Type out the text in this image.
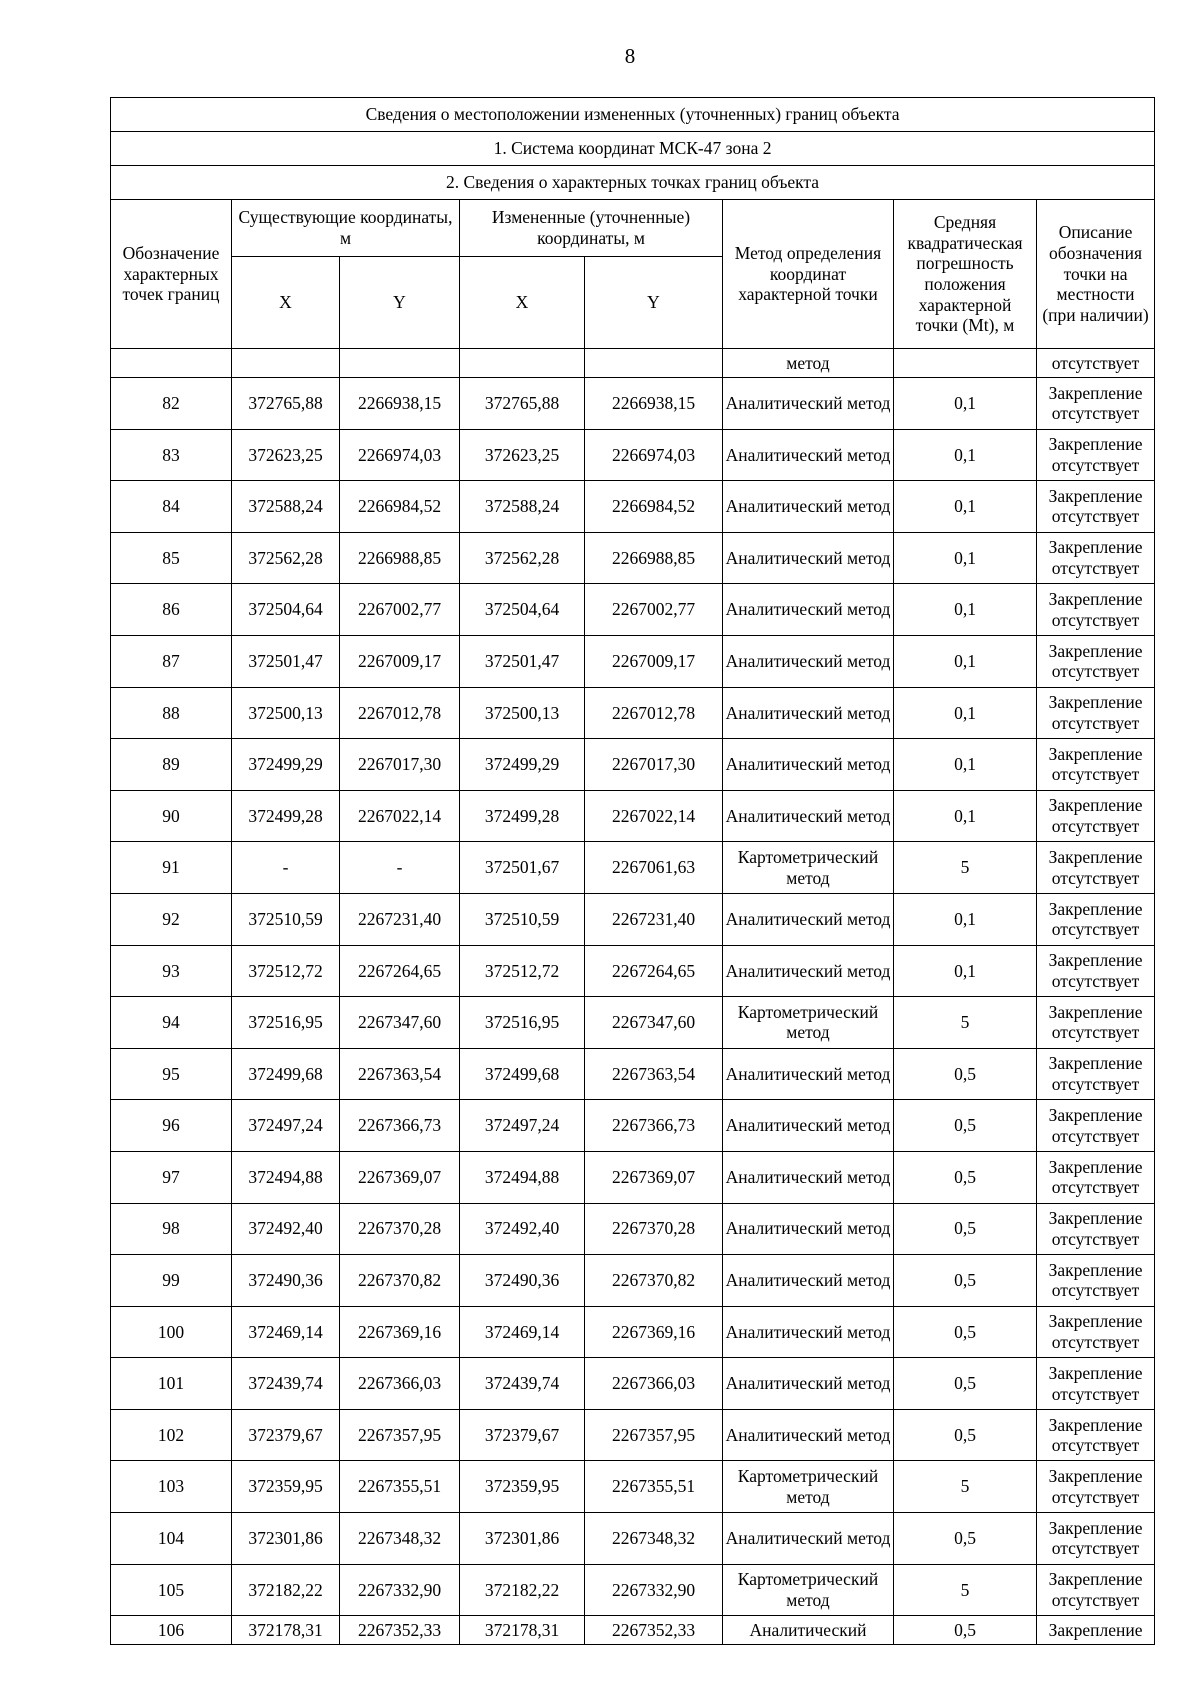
8
Сведения о местоположении измененных (уточненных) границ объекта							
1. Система координат МСК-47 зона 2							
2. Сведения о характерных точках границ объекта							
Обозначение характерных точек границ	Существующие координаты, м		Измененные (уточненные) координаты, м		Метод определения координат характерной точки	Средняя квадратическая погрешность положения характерной точки (Mt), м	Описание обозначения точки на местности (при наличии)
	X	Y	X	Y			
					метод		отсутствует
82	372765,88	2266938,15	372765,88	2266938,15	Аналитический метод	0,1	Закрепление отсутствует
83	372623,25	2266974,03	372623,25	2266974,03	Аналитический метод	0,1	Закрепление отсутствует
84	372588,24	2266984,52	372588,24	2266984,52	Аналитический метод	0,1	Закрепление отсутствует
85	372562,28	2266988,85	372562,28	2266988,85	Аналитический метод	0,1	Закрепление отсутствует
86	372504,64	2267002,77	372504,64	2267002,77	Аналитический метод	0,1	Закрепление отсутствует
87	372501,47	2267009,17	372501,47	2267009,17	Аналитический метод	0,1	Закрепление отсутствует
88	372500,13	2267012,78	372500,13	2267012,78	Аналитический метод	0,1	Закрепление отсутствует
89	372499,29	2267017,30	372499,29	2267017,30	Аналитический метод	0,1	Закрепление отсутствует
90	372499,28	2267022,14	372499,28	2267022,14	Аналитический метод	0,1	Закрепление отсутствует
91	-	-	372501,67	2267061,63	Картометрический метод	5	Закрепление отсутствует
92	372510,59	2267231,40	372510,59	2267231,40	Аналитический метод	0,1	Закрепление отсутствует
93	372512,72	2267264,65	372512,72	2267264,65	Аналитический метод	0,1	Закрепление отсутствует
94	372516,95	2267347,60	372516,95	2267347,60	Картометрический метод	5	Закрепление отсутствует
95	372499,68	2267363,54	372499,68	2267363,54	Аналитический метод	0,5	Закрепление отсутствует
96	372497,24	2267366,73	372497,24	2267366,73	Аналитический метод	0,5	Закрепление отсутствует
97	372494,88	2267369,07	372494,88	2267369,07	Аналитический метод	0,5	Закрепление отсутствует
98	372492,40	2267370,28	372492,40	2267370,28	Аналитический метод	0,5	Закрепление отсутствует
99	372490,36	2267370,82	372490,36	2267370,82	Аналитический метод	0,5	Закрепление отсутствует
100	372469,14	2267369,16	372469,14	2267369,16	Аналитический метод	0,5	Закрепление отсутствует
101	372439,74	2267366,03	372439,74	2267366,03	Аналитический метод	0,5	Закрепление отсутствует
102	372379,67	2267357,95	372379,67	2267357,95	Аналитический метод	0,5	Закрепление отсутствует
103	372359,95	2267355,51	372359,95	2267355,51	Картометрический метод	5	Закрепление отсутствует
104	372301,86	2267348,32	372301,86	2267348,32	Аналитический метод	0,5	Закрепление отсутствует
105	372182,22	2267332,90	372182,22	2267332,90	Картометрический метод	5	Закрепление отсутствует
106	372178,31	2267352,33	372178,31	2267352,33	Аналитический	0,5	Закрепление
